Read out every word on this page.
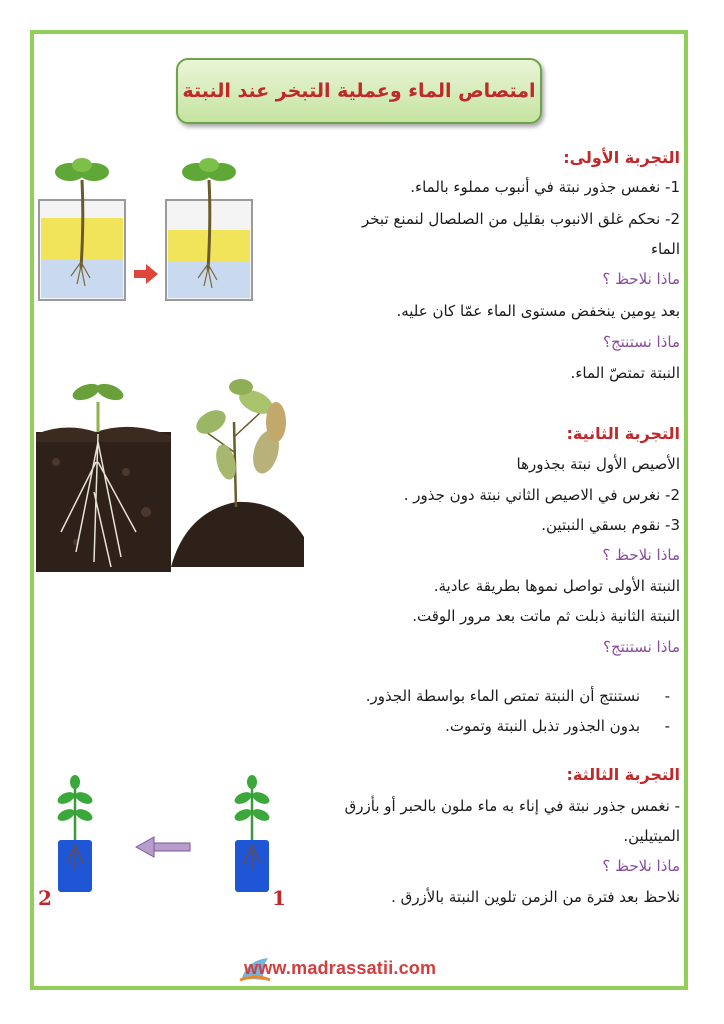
امتصاص الماء وعملية التبخر عند النبتة
التجربة الأولى:
1- نغمس جذور نبتة في أنبوب مملوء بالماء.
2- نحكم غلق الانبوب بقليل من الصلصال لنمنع تبخر
الماء
ماذا نلاحظ ؟
بعد يومين ينخفض مستوى الماء عمّا كان عليه.
ماذا نستنتج؟
النبتة تمتصّ الماء.
التجربة الثانية:
الأصيص الأول نبتة بجذورها
2- نغرس في الاصيص الثاني نبتة دون جذور .
3- نقوم بسقي النبتين.
ماذا نلاحظ ؟
النبتة الأولى تواصل نموها بطريقة عادية.
النبتة الثانية ذبلت ثم ماتت بعد مرور الوقت.
ماذا نستنتج؟
-
نستنتج أن النبتة تمتص الماء بواسطة الجذور.
-
بدون الجذور تذبل النبتة وتموت.
التجربة الثالثة:
- نغمس جذور نبتة في إناء به ماء ملون بالحبر أو بأزرق
الميتيلين.
ماذا نلاحظ ؟
نلاحظ بعد فترة من الزمن تلوين النبتة بالأزرق .
2	1
www.madrassatii.com
